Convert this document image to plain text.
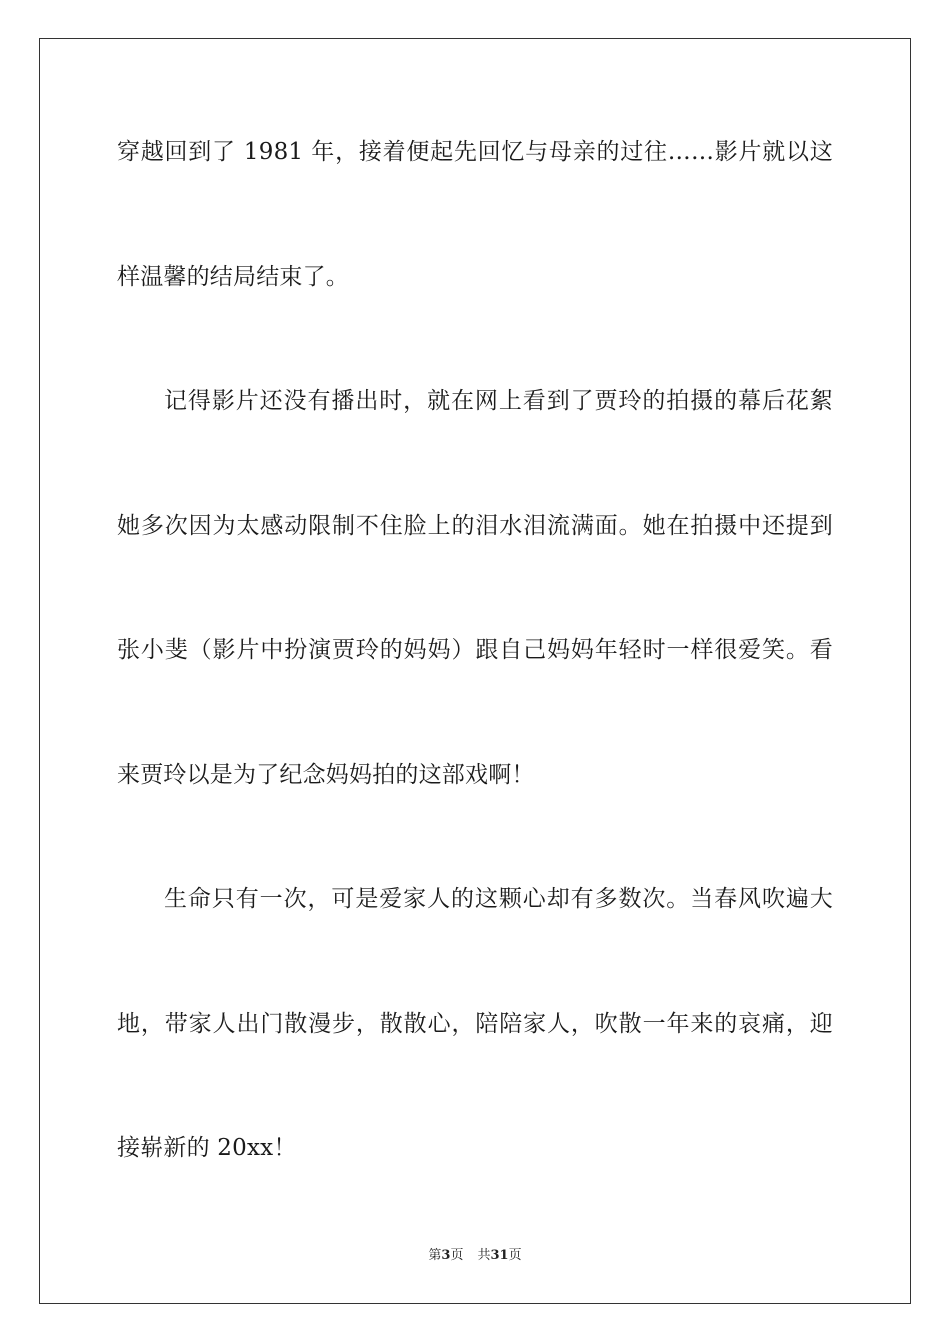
穿越回到了 1981 年，接着便起先回忆与母亲的过往……影片就以这
样温馨的结局结束了。
记得影片还没有播出时，就在网上看到了贾玲的拍摄的幕后花絮
她多次因为太感动限制不住脸上的泪水泪流满面。她在拍摄中还提到
张小斐（影片中扮演贾玲的妈妈）跟自己妈妈年轻时一样很爱笑。看
来贾玲以是为了纪念妈妈拍的这部戏啊！
生命只有一次，可是爱家人的这颗心却有多数次。当春风吹遍大
地，带家人出门散漫步，散散心，陪陪家人，吹散一年来的哀痛，迎
接崭新的 20xx！
第3页 共31页
